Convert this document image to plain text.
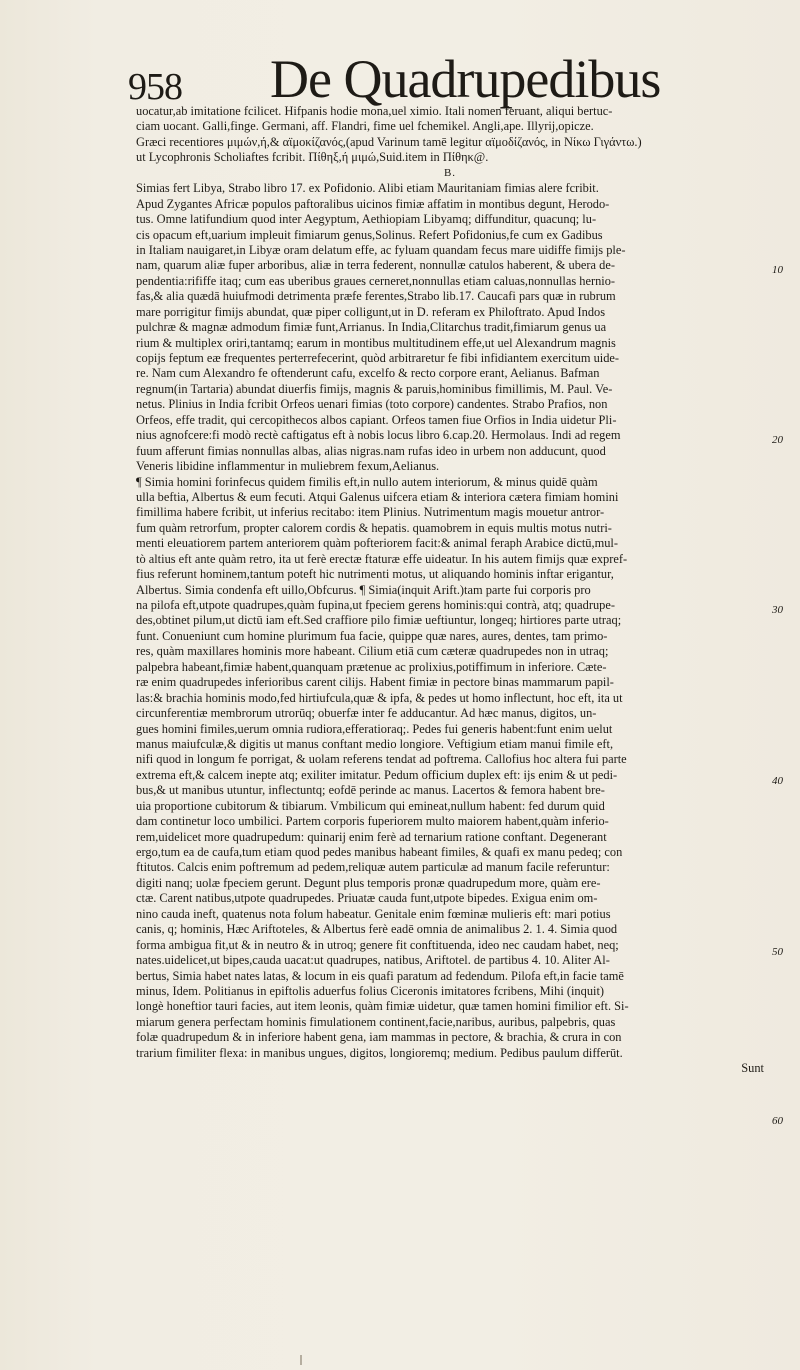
958 De Quadrupedibus
uocatur,ab imitatione fcilicet. Hifpanis hodie mona,uel ximio. Itali nomen feruant, aliqui bertuc-
ciam uocant. Galli,finge. Germani, aff. Flandri, fime uel fchemikel. Angli,ape. Illyrij,opicze.
Græci recentiores μιμών,ή,& αϊμοκίζανός,(apud Varinum tamē legitur αϊμοδίζανός, in Νίκω Γιγάντω.)
ut Lycophronis Scholiaftes fcribit. Πίθηξ,ή μιμώ,Suid.item in Πίθηκ@.
B.
Simias fert Libya, Strabo libro 17. ex Pofidonio. Alibi etiam Mauritaniam fimias alere fcribit.
Apud Zygantes Africæ populos paftoralibus uicinos fimiæ affatim in montibus degunt, Herodo-
tus. Omne latifundium quod inter Aegyptum, Aethiopiam Libyamq; diffunditur, quacunq; lu-
cis opacum eft,uarium impleuit fimiarum genus,Solinus. Refert Pofidonius,fe cum ex Gadibus
in Italiam nauigaret,in Libyæ oram delatum effe, ac fyluam quandam fecus mare uidiffe fimijs ple-
nam, quarum aliæ fuper arboribus, aliæ in terra federent, nonnullæ catulos haberent, & ubera de-
pendentia:rififfe itaq; cum eas uberibus graues cerneret,nonnullas etiam caluas,nonnullas hernio-
fas,& alia quædā huiufmodi detrimenta præfe ferentes,Strabo lib.17. Caucafi pars quæ in rubrum
mare porrigitur fimijs abundat, quæ piper colligunt,ut in D. referam ex Philoftrato. Apud Indos
pulchræ & magnæ admodum fimiæ funt,Arrianus. In India,Clitarchus tradit,fimiarum genus ua
rium & multiplex oriri,tantamq; earum in montibus multitudinem effe,ut uel Alexandrum magnis
copijs feptum eæ frequentes perterrefecerint, quòd arbitraretur fe fibi infidiantem exercitum uide-
re. Nam cum Alexandro fe oftenderunt cafu, excelfo & recto corpore erant, Aelianus. Bafman
regnum(in Tartaria) abundat diuerfis fimijs, magnis & paruis,hominibus fimillimis, M. Paul. Ve-
netus. Plinius in India fcribit Orfeos uenari fimias (toto corpore) candentes. Strabo Prafios, non
Orfeos, effe tradit, qui cercopithecos albos capiant. Orfeos tamen fiue Orfios in India uidetur Pli-
nius agnofcere:fi modò rectè caftigatus eft à nobis locus libro 6.cap.20. Hermolaus. Indi ad regem
fuum afferunt fimias nonnullas albas, alias nigras.nam rufas ideo in urbem non adducunt, quod
Veneris libidine inflammentur in muliebrem fexum,Aelianus.
¶ Simia homini forinfecus quidem fimilis eft,in nullo autem interiorum, & minus quidē quàm
ulla beftia, Albertus & eum fecuti. Atqui Galenus uifcera etiam & interiora cætera fimiam homini
fimillima habere fcribit, ut inferius recitabo: item Plinius. Nutrimentum magis mouetur antror-
fum quàm retrorfum, propter calorem cordis & hepatis. quamobrem in equis multis motus nutri-
menti eleuatiorem partem anteriorem quàm pofteriorem facit:& animal feraph Arabice dictū,mul-
tò altius eft ante quàm retro, ita ut ferè erectæ ftaturæ effe uideatur. In his autem fimijs quæ expref-
fius referunt hominem,tantum poteft hic nutrimenti motus, ut aliquando hominis inftar erigantur,
Albertus. Simia condenfa eft uillo,Obfcurus. ¶ Simia(inquit Arift.)tam parte fui corporis pro
na pilofa eft,utpote quadrupes,quàm fupina,ut fpeciem gerens hominis:qui contrà, atq; quadrupe-
des,obtinet pilum,ut dictū iam eft.Sed craffiore pilo fimiæ ueftiuntur, longeq; hirtiores parte utraq;
funt. Conueniunt cum homine plurimum fua facie, quippe quæ nares, aures, dentes, tam primo-
res, quàm maxillares hominis more habeant. Cilium etiā cum cæteræ quadrupedes non in utraq;
palpebra habeant,fimiæ habent,quanquam prætenue ac prolixius,potiffimum in inferiore. Cæte-
ræ enim quadrupedes inferioribus carent cilijs. Habent fimiæ in pectore binas mammarum papil-
las:& brachia hominis modo,fed hirtiufcula,quæ & ipfa, & pedes ut homo inflectunt, hoc eft, ita ut
circunferentiæ membrorum utrorūq; obuerfæ inter fe adducantur. Ad hæc manus, digitos, un-
gues homini fimiles,uerum omnia rudiora,efferatioraq;. Pedes fui generis habent:funt enim uelut
manus maiufculæ,& digitis ut manus conftant medio longiore. Veftigium etiam manui fimile eft,
nifi quod in longum fe porrigat, & uolam referens tendat ad poftrema. Callofius hoc altera fui parte
extrema eft,& calcem inepte atq; exiliter imitatur. Pedum officium duplex eft: ijs enim & ut pedi-
bus,& ut manibus utuntur, inflectuntq; eofdē perinde ac manus. Lacertos & femora habent bre-
uia proportione cubitorum & tibiarum. Vmbilicum qui emineat,nullum habent: fed durum quid
dam continetur loco umbilici. Partem corporis fuperiorem multo maiorem habent,quàm inferio-
rem,uidelicet more quadrupedum: quinarij enim ferè ad ternarium ratione conftant. Degenerant
ergo,tum ea de caufa,tum etiam quod pedes manibus habeant fimiles, & quafi ex manu pedeq; con
ftitutos. Calcis enim poftremum ad pedem,reliquæ autem particulæ ad manum facile referuntur:
digiti nanq; uolæ fpeciem gerunt. Degunt plus temporis pronæ quadrupedum more, quàm ere-
ctæ. Carent natibus,utpote quadrupedes. Priuatæ cauda funt,utpote bipedes. Exigua enim om-
nino cauda ineft, quatenus nota folum habeatur. Genitale enim fœminæ mulieris eft: mari potius
canis, q; hominis, Hæc Ariftoteles, & Albertus ferè eadē omnia de animalibus 2. 1. 4. Simia quod
forma ambigua fit,ut & in neutro & in utroq; genere fit conftituenda, ideo nec caudam habet, neq;
nates.uidelicet,ut bipes,cauda uacat:ut quadrupes, natibus, Ariftotel. de partibus 4. 10. Aliter Al-
bertus, Simia habet nates latas, & locum in eis quafi paratum ad fedendum. Pilofa eft,in facie tamē
minus, Idem. Politianus in epiftolis aduerfus folius Ciceronis imitatores fcribens, Mihi (inquit)
longè honeftior tauri facies, aut item leonis, quàm fimiæ uidetur, quæ tamen homini fimilior eft. Si-
miarum genera perfectam hominis fimulationem continent,facie,naribus, auribus, palpebris, quas
folæ quadrupedum & in inferiore habent gena, iam mammas in pectore, & brachia, & crura in con
trarium fimiliter flexa: in manibus ungues, digitos, longioremq; medium. Pedibus paulum differūt.
Sunt
10
20
30
40
50
60
